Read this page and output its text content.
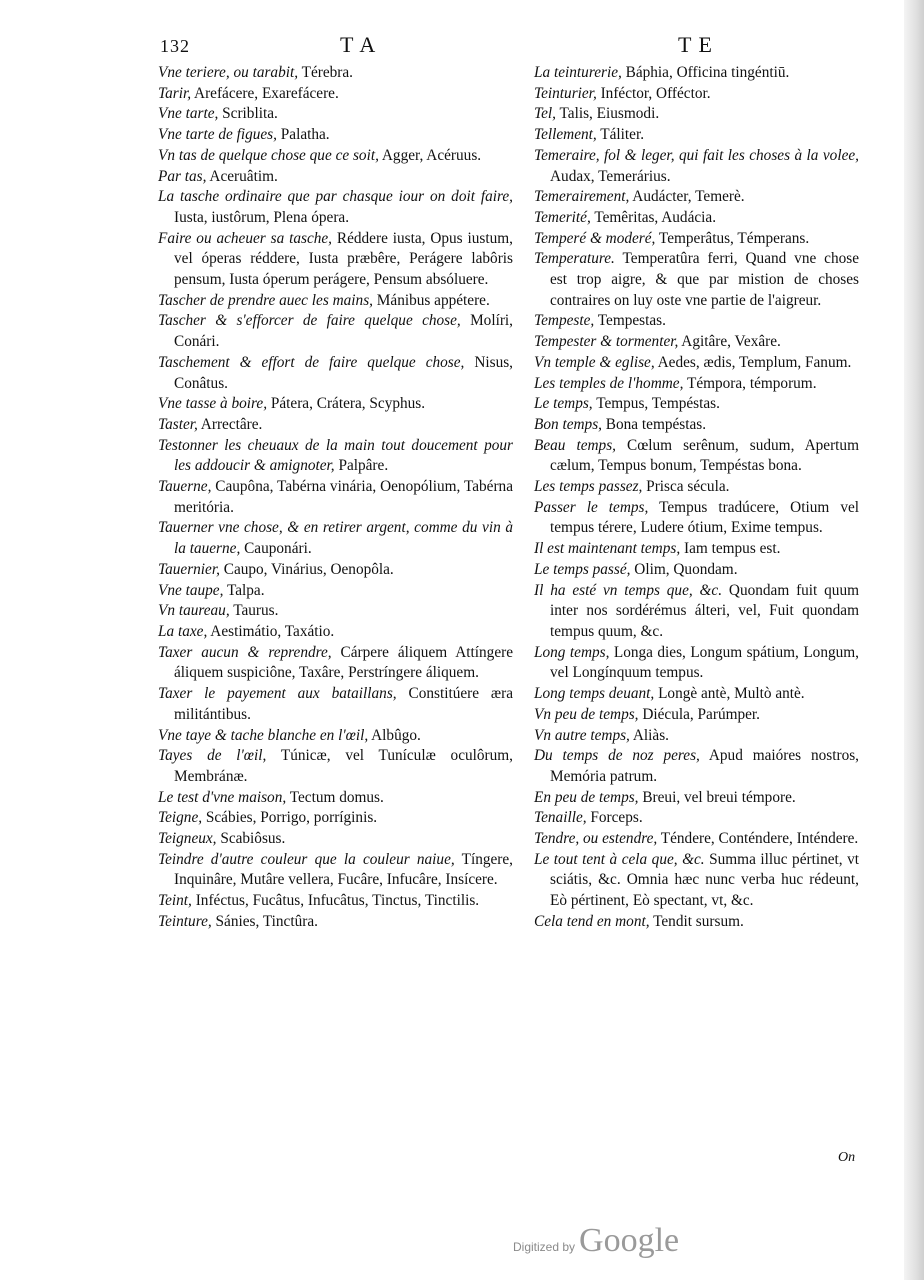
132	T A	T E

Vne teriere, ou tarabit, Térebra.

Tarir, Arefácere, Exarefácere.

Vne tarte, Scriblita.

Vne tarte de figues, Palatha.

Vn tas de quelque chose que ce soit, Agger, Acéruus.

Par tas, Aceruâtim.

La tasche ordinaire que par chasque iour on doit faire, Iusta, iustôrum, Plena ópera.

Faire ou acheuer sa tasche, Réddere iusta, Opus iustum, vel óperas réddere, Iusta præbêre, Perágere labôris pensum, Iusta óperum perágere, Pensum absóluere.

Tascher de prendre auec les mains, Mánibus appétere.

Tascher & s'efforcer de faire quelque chose, Molíri, Conári.

Taschement & effort de faire quelque chose, Nisus, Conâtus.

Vne tasse à boire, Pátera, Crátera, Scyphus.

Taster, Arrectâre.

Testonner les cheuaux de la main tout doucement pour les addoucir & amignoter, Palpâre.

Tauerne, Caupôna, Tabérna vinária, Oenopólium, Tabérna meritória.

Tauerner vne chose, & en retirer argent, comme du vin à la tauerne, Cauponári.

Tauernier, Caupo, Vinárius, Oenopôla.

Vne taupe, Talpa.

Vn taureau, Taurus.

La taxe, Aestimátio, Taxátio.

Taxer aucun & reprendre, Cárpere áliquem Attíngere áliquem suspiciône, Taxâre, Perstríngere áliquem.

Taxer le payement aux bataillans, Constitúere æra militántibus.

Vne taye & tache blanche en l'œil, Albûgo.

Tayes de l'œil, Túnicæ, vel Tunículæ oculôrum, Membránæ.

Le test d'vne maison, Tectum domus.

Teigne, Scábies, Porrigo, porríginis.

Teigneux, Scabiôsus.

Teindre d'autre couleur que la couleur naiue, Tíngere, Inquinâre, Mutâre vellera, Fucâre, Infucâre, Insícere.

Teint, Inféctus, Fucâtus, Infucâtus, Tinctus, Tinctilis.

Teinture, Sánies, Tinctûra.

La teinturerie, Báphia, Officina tingéntiū.

Teinturier, Inféctor, Offéctor.

Tel, Talis, Eiusmodi.

Tellement, Táliter.

Temeraire, fol & leger, qui fait les choses à la volee, Audax, Temerárius.

Temerairement, Audácter, Temerè.

Temerité, Temêritas, Audácia.

Temperé & moderé, Temperâtus, Témperans.

Temperature. Temperatûra ferri, Quand vne chose est trop aigre, & que par mistion de choses contraires on luy oste vne partie de l'aigreur.

Tempeste, Tempestas.

Tempester & tormenter, Agitâre, Vexâre.

Vn temple & eglise, Aedes, ædis, Templum, Fanum.

Les temples de l'homme, Témpora, témporum.

Le temps, Tempus, Tempéstas.

Bon temps, Bona tempéstas.

Beau temps, Cœlum serênum, sudum, Apertum cælum, Tempus bonum, Tempéstas bona.

Les temps passez, Prisca sécula.

Passer le temps, Tempus tradúcere, Otium vel tempus térere, Ludere ótium, Exime tempus.

Il est maintenant temps, Iam tempus est.

Le temps passé, Olim, Quondam.

Il ha esté vn temps que, &c. Quondam fuit quum inter nos sordérémus álteri, vel, Fuit quondam tempus quum, &c.

Long temps, Longa dies, Longum spátium, Longum, vel Longínquum tempus.

Long temps deuant, Longè antè, Multò antè.

Vn peu de temps, Diécula, Parúmper.

Vn autre temps, Aliàs.

Du temps de noz peres, Apud maióres nostros, Memória patrum.

En peu de temps, Breui, vel breui témpore.

Tenaille, Forceps.

Tendre, ou estendre, Téndere, Conténdere, Inténdere.

Le tout tent à cela que, &c. Summa illuc pértinet, vt sciátis, &c. Omnia hæc nunc verba huc rédeunt, Eò pértinent, Eò spectant, vt, &c.

Cela tend en mont, Tendit sursum.

On
Digitized by Google
